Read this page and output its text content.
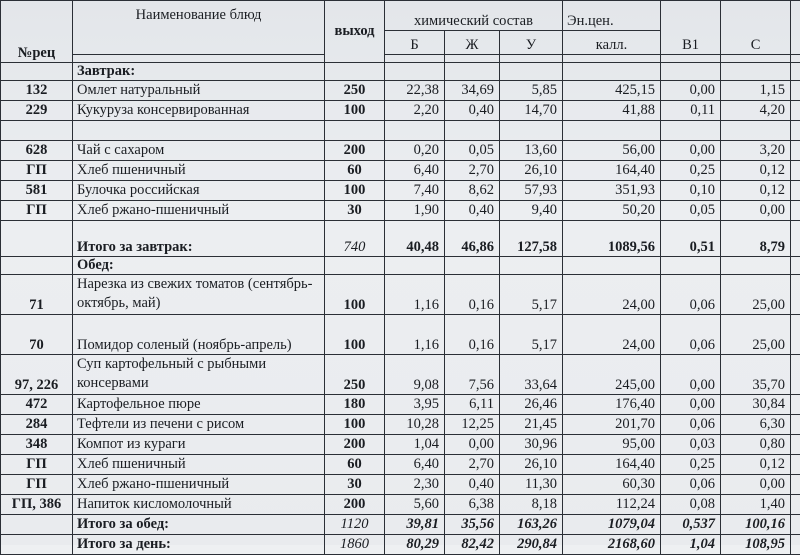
№рец	Наименование блюд	выход	химический состав			Эн.цен.	В1	С	
			Б	Ж	У	калл.			

	Завтрак:								
132	Омлет натуральный	250	22,38	34,69	5,85	425,15	0,00	1,15	
229	Кукуруза консервированная	100	2,20	0,40	14,70	41,88	0,11	4,20	

628	Чай с сахаром	200	0,20	0,05	13,60	56,00	0,00	3,20	
ГП	Хлеб пшеничный	60	6,40	2,70	26,10	164,40	0,25	0,12	
581	Булочка российская	100	7,40	8,62	57,93	351,93	0,10	0,12	
ГП	Хлеб ржано-пшеничный	30	1,90	0,40	9,40	50,20	0,05	0,00	
	Итого за завтрак:	740	40,48	46,86	127,58	1089,56	0,51	8,79	
	Обед:								
71	Нарезка из свежих томатов (сентябрь-октябрь, май)	100	1,16	0,16	5,17	24,00	0,06	25,00	
70	Помидор соленый (ноябрь-апрель)	100	1,16	0,16	5,17	24,00	0,06	25,00	
97, 226	Суп картофельный с рыбными консервами	250	9,08	7,56	33,64	245,00	0,00	35,70	
472	Картофельное пюре	180	3,95	6,11	26,46	176,40	0,00	30,84	
284	Тефтели из печени с рисом	100	10,28	12,25	21,45	201,70	0,06	6,30	
348	Компот из кураги	200	1,04	0,00	30,96	95,00	0,03	0,80	
ГП	Хлеб пшеничный	60	6,40	2,70	26,10	164,40	0,25	0,12	
ГП	Хлеб ржано-пшеничный	30	2,30	0,40	11,30	60,30	0,06	0,00	
ГП, 386	Напиток кисломолочный	200	5,60	6,38	8,18	112,24	0,08	1,40	
	Итого за обед:	1120	39,81	35,56	163,26	1079,04	0,537	100,16	
	Итого за день:	1860	80,29	82,42	290,84	2168,60	1,04	108,95	
